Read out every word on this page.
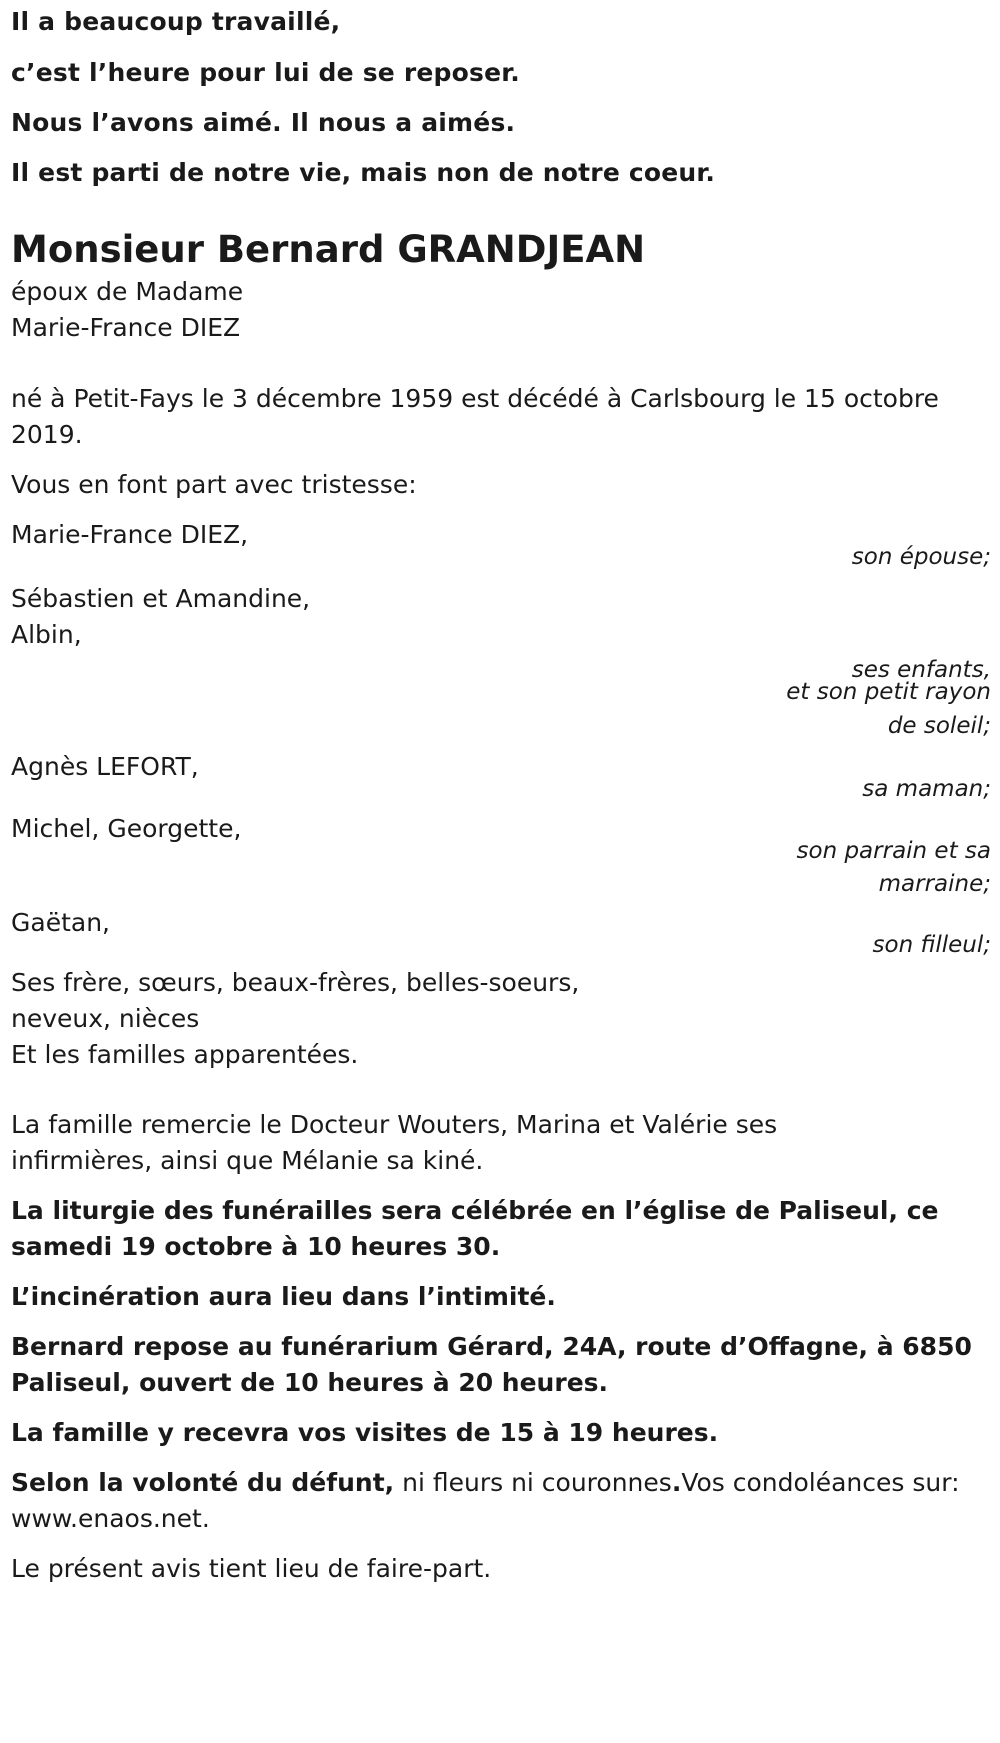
Il a beaucoup travaillé,

c’est l’heure pour lui de se reposer.

Nous l’avons aimé. Il nous a aimés.

Il est parti de notre vie, mais non de notre coeur.

Monsieur Bernard GRANDJEAN

époux de Madame

Marie-France DIEZ

né à Petit-Fays le 3 décembre 1959 est décédé à Carlsbourg le 15 octobre

2019.

Vous en font part avec tristesse:

Marie-France DIEZ,

son épouse;

Sébastien et Amandine,

Albin,

ses enfants,

et son petit rayon

de soleil;

Agnès LEFORT,

sa maman;

Michel, Georgette,

son parrain et sa

marraine;

Gaëtan,

son filleul;

Ses frère, sœurs, beaux-frères, belles-soeurs,

neveux, nièces

Et les familles apparentées.

La famille remercie le Docteur Wouters, Marina et Valérie ses

infirmières, ainsi que Mélanie sa kiné.

La liturgie des funérailles sera célébrée en l’église de Paliseul, ce

samedi 19 octobre à 10 heures 30.

L’incinération aura lieu dans l’intimité.

Bernard repose au funérarium Gérard, 24A, route d’Offagne, à 6850

Paliseul, ouvert de 10 heures à 20 heures.

La famille y recevra vos visites de 15 à 19 heures.

Selon la volonté du défunt, ni fleurs ni couronnes.Vos condoléances sur:

www.enaos.net.

Le présent avis tient lieu de faire-part.
